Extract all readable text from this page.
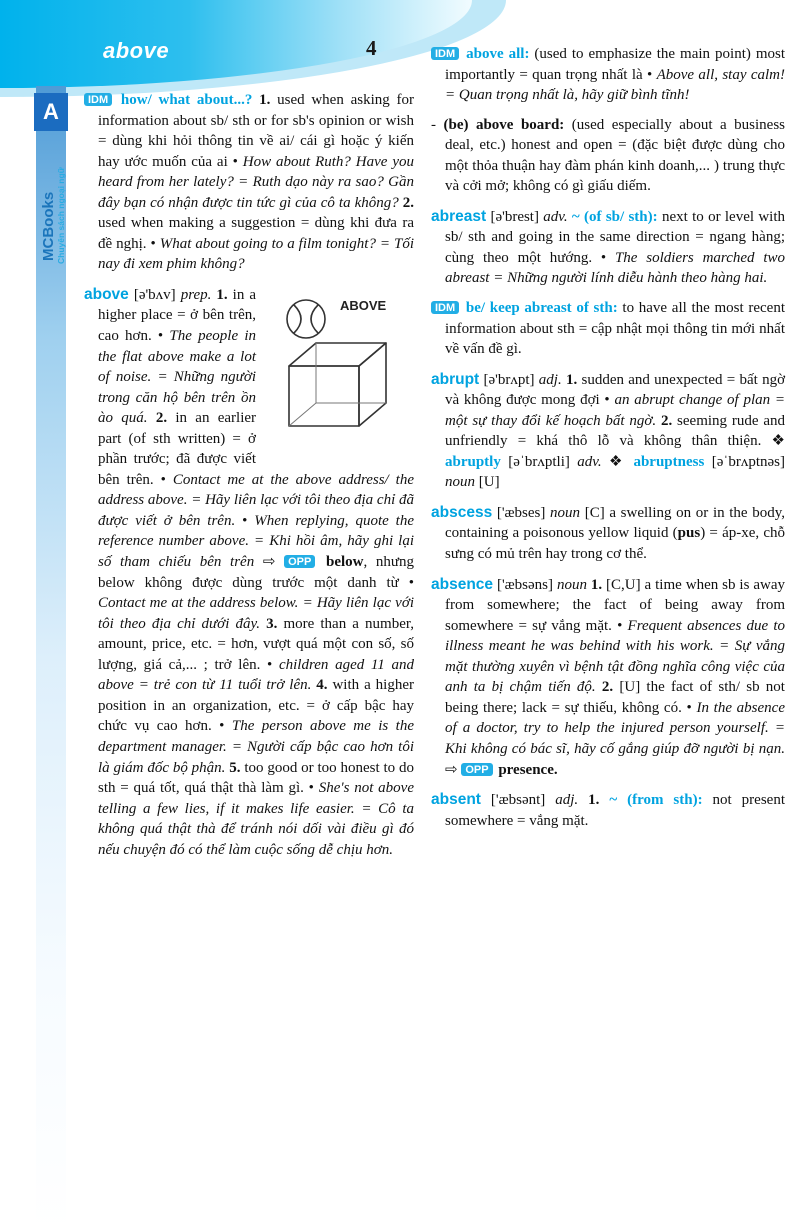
above	4
A
MCBooks Chuyên sách ngoại ngữ

IDM how/ what about...? 1. used when asking for information about sb/ sth or for sb's opinion or wish = dùng khi hỏi thông tin về ai/ cái gì hoặc ý kiến hay ước muốn của ai • How about Ruth? Have you heard from her lately? = Ruth dạo này ra sao? Gần đây bạn có nhận được tin tức gì của cô ta không? 2. used when making a suggestion = dùng khi đưa ra đề nghị. • What about going to a film tonight? = Tối nay đi xem phim không?

ABOVE
above [ə'bʌv] prep. 1. in a higher place = ở bên trên, cao hơn. • The people in the flat above make a lot of noise. = Những người trong căn hộ bên trên ồn ào quá. 2. in an earlier part (of sth written) = ở phần trước; đã được viết bên trên. • Contact me at the above address/ the address above. = Hãy liên lạc với tôi theo địa chỉ đã được viết ở bên trên. • When replying, quote the reference number above. = Khi hồi âm, hãy ghi lại số tham chiếu bên trên ⇨ OPP below, nhưng below không được dùng trước một danh từ • Contact me at the address below. = Hãy liên lạc với tôi theo địa chỉ dưới đây. 3. more than a number, amount, price, etc. = hơn, vượt quá một con số, số lượng, giá cả,... ; trở lên. • children aged 11 and above = trẻ con từ 11 tuổi trở lên. 4. with a higher position in an organization, etc. = ở cấp bậc hay chức vụ cao hơn. • The person above me is the department manager. = Người cấp bậc cao hơn tôi là giám đốc bộ phận. 5. too good or too honest to do sth = quá tốt, quá thật thà làm gì. • She's not above telling a few lies, if it makes life easier. = Cô ta không quá thật thà để tránh nói dối vài điều gì đó nếu chuyện đó có thể làm cuộc sống dễ chịu hơn.

IDM above all: (used to emphasize the main point) most importantly = quan trọng nhất là • Above all, stay calm! = Quan trọng nhất là, hãy giữ bình tĩnh!

- (be) above board: (used especially about a business deal, etc.) honest and open = (đặc biệt được dùng cho một thỏa thuận hay đàm phán kinh doanh,... ) trung thực và cởi mở; không có gì giấu diếm.

abreast [ə'brest] adv. ~ (of sb/ sth): next to or level with sb/ sth and going in the same direction = ngang hàng; cùng theo một hướng. • The soldiers marched two abreast = Những người lính diễu hành theo hàng hai.

IDM be/ keep abreast of sth: to have all the most recent information about sth = cập nhật mọi thông tin mới nhất về vấn đề gì.

abrupt [ə'brʌpt] adj. 1. sudden and unexpected = bất ngờ và không được mong đợi • an abrupt change of plan = một sự thay đổi kế hoạch bất ngờ. 2. seeming rude and unfriendly = khá thô lỗ và không thân thiện. ❖ abruptly [əˈbrʌptli] adv. ❖ abruptness [əˈbrʌptnəs] noun [U]

abscess ['æbses] noun [C] a swelling on or in the body, containing a poisonous yellow liquid (pus) = áp-xe, chỗ sưng có mủ trên hay trong cơ thể.

absence ['æbsəns] noun 1. [C,U] a time when sb is away from somewhere; the fact of being away from somewhere = sự vắng mặt. • Frequent absences due to illness meant he was behind with his work. = Sự vắng mặt thường xuyên vì bệnh tật đồng nghĩa công việc của anh ta bị chậm tiến độ. 2. [U] the fact of sth/ sb not being there; lack = sự thiếu, không có. • In the absence of a doctor, try to help the injured person yourself. = Khi không có bác sĩ, hãy cố gắng giúp đỡ người bị nạn. ⇨ OPP presence.

absent ['æbsənt] adj. 1. ~ (from sth): not present somewhere = vắng mặt.
